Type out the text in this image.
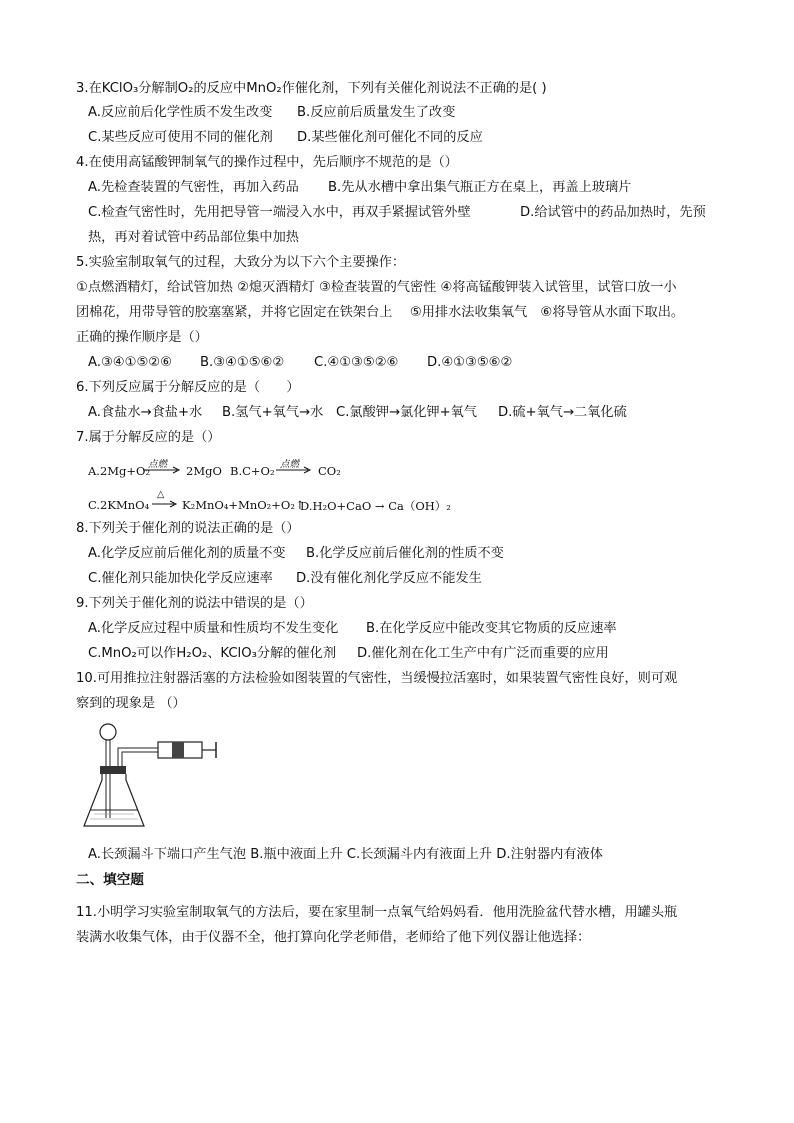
3.在KClO₃分解制O₂的反应中MnO₂作催化剂，下列有关催化剂说法不正确的是( )
A.反应前后化学性质不发生改变 B.反应前后质量发生了改变
C.某些反应可使用不同的催化剂 D.某些催化剂可催化不同的反应
4.在使用高锰酸钾制氧气的操作过程中，先后顺序不规范的是（）
A.先检查装置的气密性，再加入药品 B.先从水槽中拿出集气瓶正方在桌上，再盖上玻璃片
C.检查气密性时，先用把导管一端浸入水中，再双手紧握试管外壁	D.给试管中的药品加热时，先预
热，再对着试管中药品部位集中加热
5.实验室制取氧气的过程，大致分为以下六个主要操作：
①点燃酒精灯，给试管加热 ②熄灭酒精灯 ③检查装置的气密性 ④将高锰酸钾装入试管里，试管口放一小
团棉花，用带导管的胶塞塞紧，并将它固定在铁架台上　 ⑤用排水法收集氧气　⑥将导管从水面下取出。
正确的操作顺序是（）
A.③④①⑤②⑥ B.③④①⑤⑥② C.④①③⑤②⑥ D.④①③⑤⑥②
6.下列反应属于分解反应的是（　　）
A.食盐水→食盐+水 B.氢气+氧气→水 C.氯酸钾→氯化钾+氧气 D.硫+氧气→二氧化硫
7.属于分解反应的是（）
A.2Mg+O₂
点燃 2MgO B.C+O₂ 点燃 CO₂
C.2KMnO₄
△
K₂MnO₄+MnO₂+O₂↑
D.H₂O+CaO → Ca（OH）₂
8.下列关于催化剂的说法正确的是（）
A.化学反应前后催化剂的质量不变 B.化学反应前后催化剂的性质不变
C.催化剂只能加快化学反应速率 D.没有催化剂化学反应不能发生
9.下列关于催化剂的说法中错误的是（）
A.化学反应过程中质量和性质均不发生变化 B.在化学反应中能改变其它物质的反应速率
C.MnO₂可以作H₂O₂、KClO₃分解的催化剂 D.催化剂在化工生产中有广泛而重要的应用
10.可用推拉注射器活塞的方法检验如图装置的气密性，当缓慢拉活塞时，如果装置气密性良好，则可观
察到的现象是 （）
A.长颈漏斗下端口产生气泡 B.瓶中液面上升 C.长颈漏斗内有液面上升 D.注射器内有液体
二、填空题
11.小明学习实验室制取氧气的方法后，要在家里制一点氧气给妈妈看．他用洗脸盆代替水槽，用罐头瓶
装满水收集气体，由于仪器不全，他打算向化学老师借，老师给了他下列仪器让他选择：
